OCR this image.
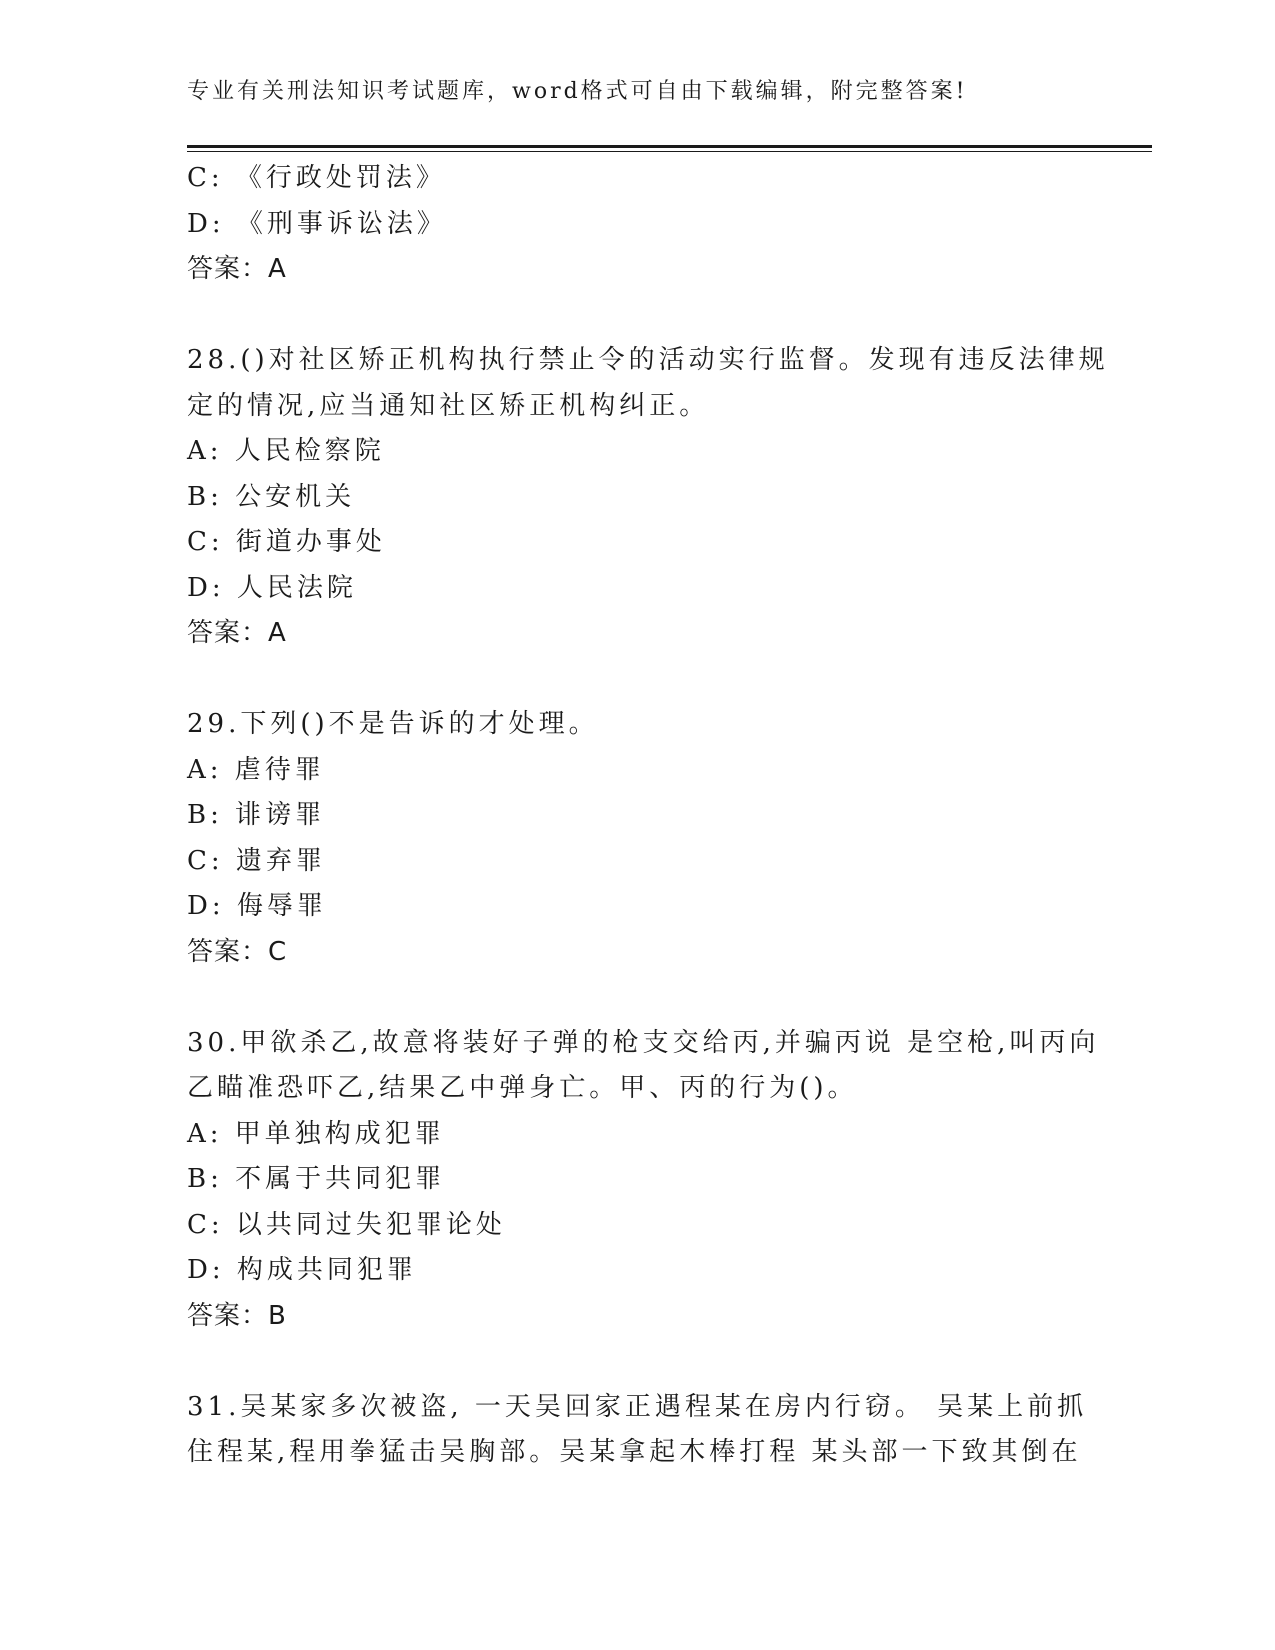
专业有关刑法知识考试题库，word格式可自由下载编辑，附完整答案!
C: 《行政处罚法》
D: 《刑事诉讼法》
答案：A
28.()对社区矫正机构执行禁止令的活动实行监督。发现有违反法律规
定的情况,应当通知社区矫正机构纠正。
A: 人民检察院
B: 公安机关
C: 街道办事处
D: 人民法院
答案：A
29.下列()不是告诉的才处理。
A: 虐待罪
B: 诽谤罪
C: 遗弃罪
D: 侮辱罪
答案：C
30.甲欲杀乙,故意将装好子弹的枪支交给丙,并骗丙说 是空枪,叫丙向
乙瞄准恐吓乙,结果乙中弹身亡。甲、丙的行为()。
A: 甲单独构成犯罪
B: 不属于共同犯罪
C: 以共同过失犯罪论处
D: 构成共同犯罪
答案：B
31.吴某家多次被盗, 一天吴回家正遇程某在房内行窃。 吴某上前抓
住程某,程用拳猛击吴胸部。吴某拿起木棒打程 某头部一下致其倒在
